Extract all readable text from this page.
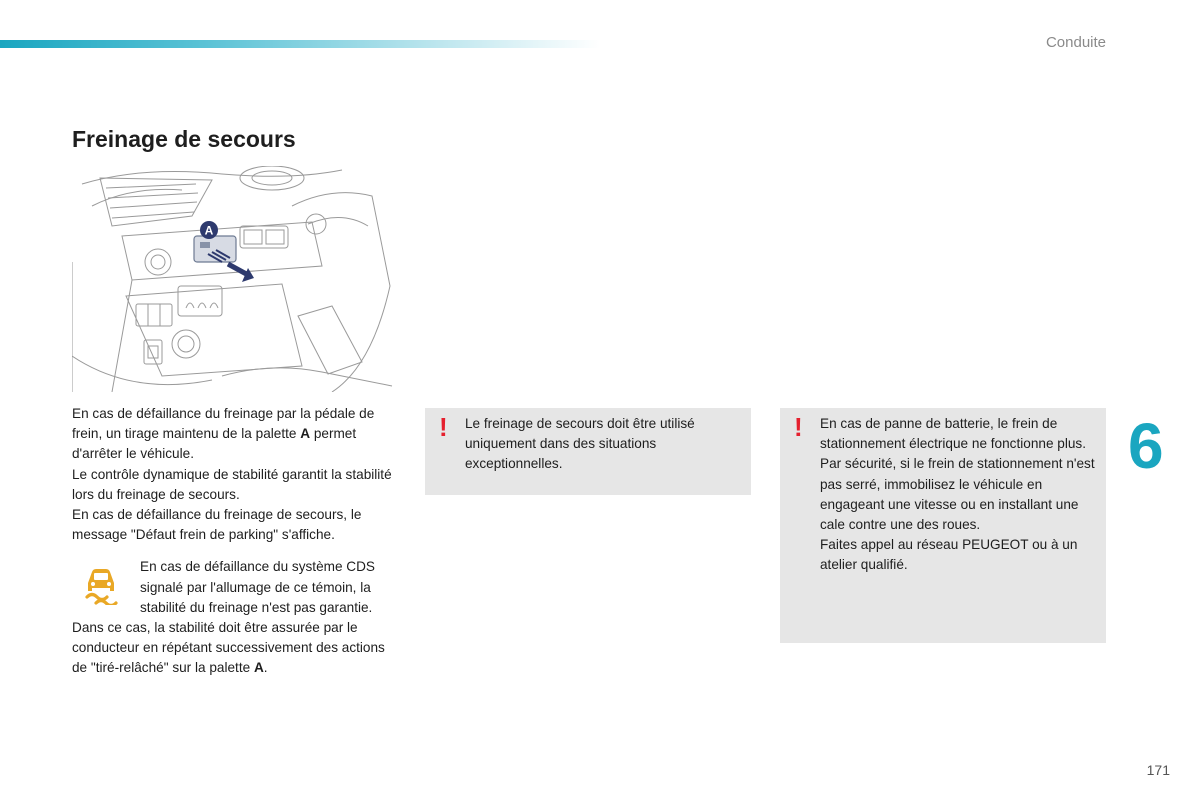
Conduite
Freinage de secours
A

En cas de défaillance du freinage par la pédale de frein, un tirage maintenu de la palette A permet d'arrêter le véhicule.

Le contrôle dynamique de stabilité garantit la stabilité lors du freinage de secours.

En cas de défaillance du freinage de secours, le message "Défaut frein de parking" s'affiche.

En cas de défaillance du système CDS signalé par l'allumage de ce témoin, la stabilité du freinage n'est pas garantie.

Dans ce cas, la stabilité doit être assurée par le conducteur en répétant successivement des actions de "tiré-relâché" sur la palette A.

! Le freinage de secours doit être utilisé uniquement dans des situations exceptionnelles.

! En cas de panne de batterie, le frein de stationnement électrique ne fonctionne plus.

Par sécurité, si le frein de stationnement n'est pas serré, immobilisez le véhicule en engageant une vitesse ou en installant une cale contre une des roues.

Faites appel au réseau PEUGEOT ou à un atelier qualifié.

6
171
